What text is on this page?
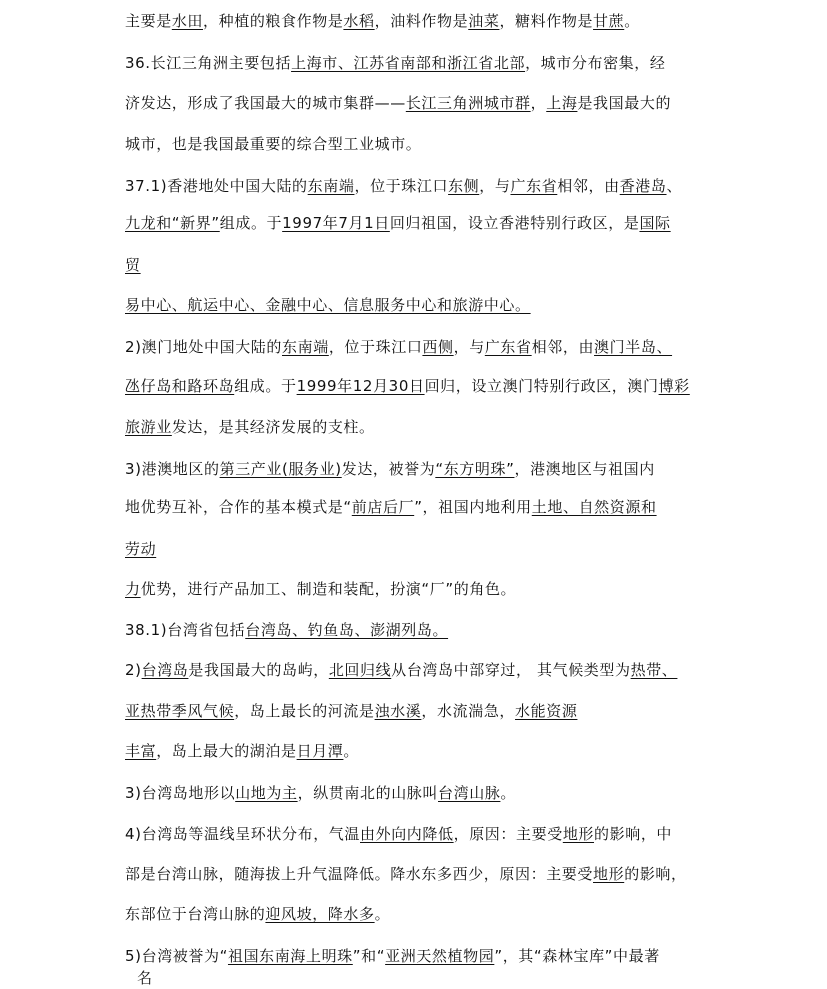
主要是水田，种植的粮食作物是水稻，油料作物是油菜，糖料作物是甘蔗。
36.长江三角洲主要包括上海市、江苏省南部和浙江省北部，城市分布密集，经
济发达，形成了我国最大的城市集群——长江三角洲城市群，上海是我国最大的
城市，也是我国最重要的综合型工业城市。
37.1)香港地处中国大陆的东南端，位于珠江口东侧，与广东省相邻，由香港岛、
九龙和“新界”组成。于1997年7月1日回归祖国，设立香港特别行政区，是国际
贸
易中心、航运中心、金融中心、信息服务中心和旅游中心。
2)澳门地处中国大陆的东南端，位于珠江口西侧，与广东省相邻，由澳门半岛、
氹仔岛和路环岛组成。于1999年12月30日回归，设立澳门特别行政区，澳门博彩
旅游业发达，是其经济发展的支柱。
3)港澳地区的第三产业(服务业)发达，被誉为“东方明珠”，港澳地区与祖国内
地优势互补，合作的基本模式是“前店后厂”，祖国内地利用土地、自然资源和
劳动
力优势，进行产品加工、制造和装配，扮演“厂”的角色。
38.1)台湾省包括台湾岛、钓鱼岛、澎湖列岛。
2)台湾岛是我国最大的岛屿，北回归线从台湾岛中部穿过， 其气候类型为热带、
亚热带季风气候，岛上最长的河流是浊水溪，水流湍急，水能资源
丰富，岛上最大的湖泊是日月潭。
3)台湾岛地形以山地为主，纵贯南北的山脉叫台湾山脉。
4)台湾岛等温线呈环状分布，气温由外向内降低，原因：主要受地形的影响，中
部是台湾山脉，随海拔上升气温降低。降水东多西少，原因：主要受地形的影响，
东部位于台湾山脉的迎风坡，降水多。
5)台湾被誉为“祖国东南海上明珠”和“亚洲天然植物园”，其“森林宝库”中最著
名
